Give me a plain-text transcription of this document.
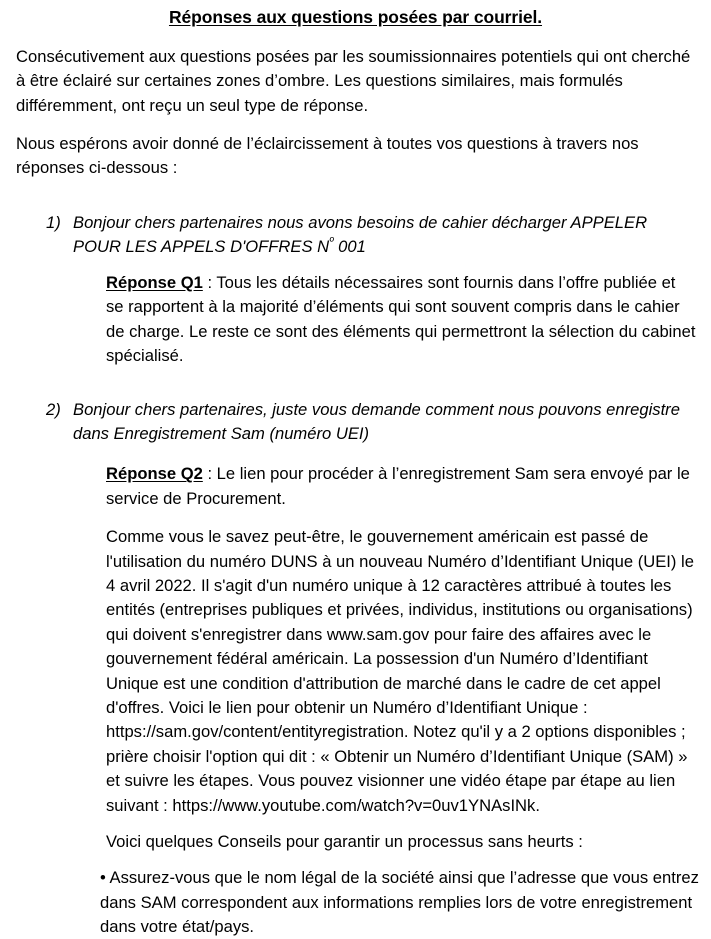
Réponses aux questions posées par courriel.

Consécutivement aux questions posées par les soumissionnaires potentiels qui ont cherché à être éclairé sur certaines zones d’ombre. Les questions similaires, mais formulés différemment, ont reçu un seul type de réponse.

Nous espérons avoir donné de l’éclaircissement à toutes vos questions à travers nos réponses ci-dessous :

1) Bonjour chers partenaires nous avons besoins de cahier décharger APPELER POUR LES APPELS D'OFFRES $N^º$ 001

Réponse Q1 : Tous les détails nécessaires sont fournis dans l’offre publiée et se rapportent à la majorité d’éléments qui sont souvent compris dans le cahier de charge. Le reste ce sont des éléments qui permettront la sélection du cabinet spécialisé.

2) Bonjour chers partenaires, juste vous demande comment nous pouvons enregistre dans Enregistrement Sam (numéro UEI)

Réponse Q2 : Le lien pour procéder à l’enregistrement Sam sera envoyé par le service de Procurement.

Comme vous le savez peut-être, le gouvernement américain est passé de l'utilisation du numéro DUNS à un nouveau Numéro d’Identifiant Unique (UEI) le 4 avril 2022. Il s'agit d'un numéro unique à 12 caractères attribué à toutes les entités (entreprises publiques et privées, individus, institutions ou organisations) qui doivent s'enregistrer dans www.sam.gov pour faire des affaires avec le gouvernement fédéral américain. La possession d'un Numéro d’Identifiant Unique est une condition d'attribution de marché dans le cadre de cet appel d'offres. Voici le lien pour obtenir un Numéro d’Identifiant Unique : https://sam.gov/content/entityregistration. Notez qu'il y a 2 options disponibles ; prière choisir l'option qui dit : « Obtenir un Numéro d’Identifiant Unique (SAM) » et suivre les étapes. Vous pouvez visionner une vidéo étape par étape au lien suivant : https://www.youtube.com/watch?v=0uv1YNAsINk.

Voici quelques Conseils pour garantir un processus sans heurts :

• Assurez-vous que le nom légal de la société ainsi que l’adresse que vous entrez dans SAM correspondent aux informations remplies lors de votre enregistrement dans votre état/pays.
